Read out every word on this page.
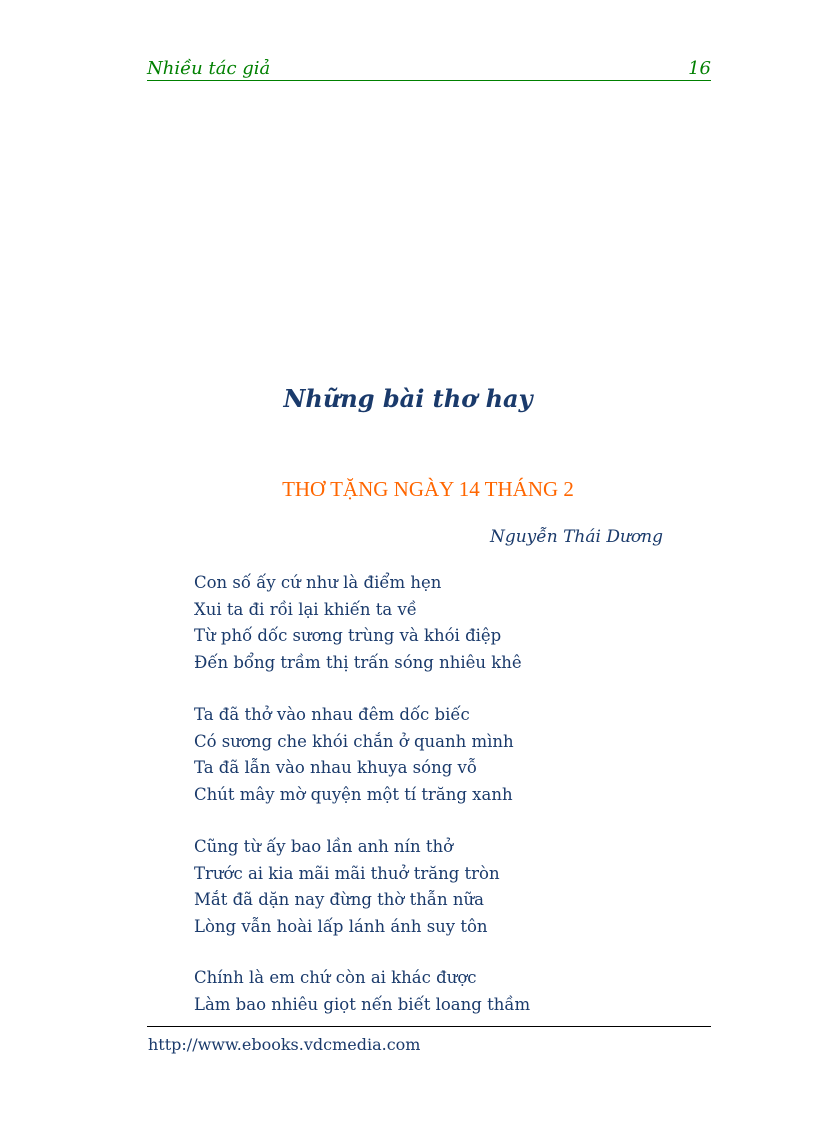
Nhiều tác giả	16
Những bài thơ hay
THƠ TẶNG NGÀY 14 THÁNG 2
Nguyễn Thái Dương
Con số ấy cứ như là điểm hẹn
Xui ta đi rồi lại khiến ta về
Từ phố dốc sương trùng và khói điệp
Đến bổng trầm thị trấn sóng nhiêu khê
Ta đã thở vào nhau đêm dốc biếc
Có sương che khói chắn ở quanh mình
Ta đã lẫn vào nhau khuya sóng vỗ
Chút mây mờ quyện một tí trăng xanh
Cũng từ ấy bao lần anh nín thở
Trước ai kia mãi mãi thuở trăng tròn
Mắt đã dặn nay đừng thờ thẫn nữa
Lòng vẫn hoài lấp lánh ánh suy tôn
Chính là em chứ còn ai khác được
Làm bao nhiêu giọt nến biết loang thầm
http://www.ebooks.vdcmedia.com
